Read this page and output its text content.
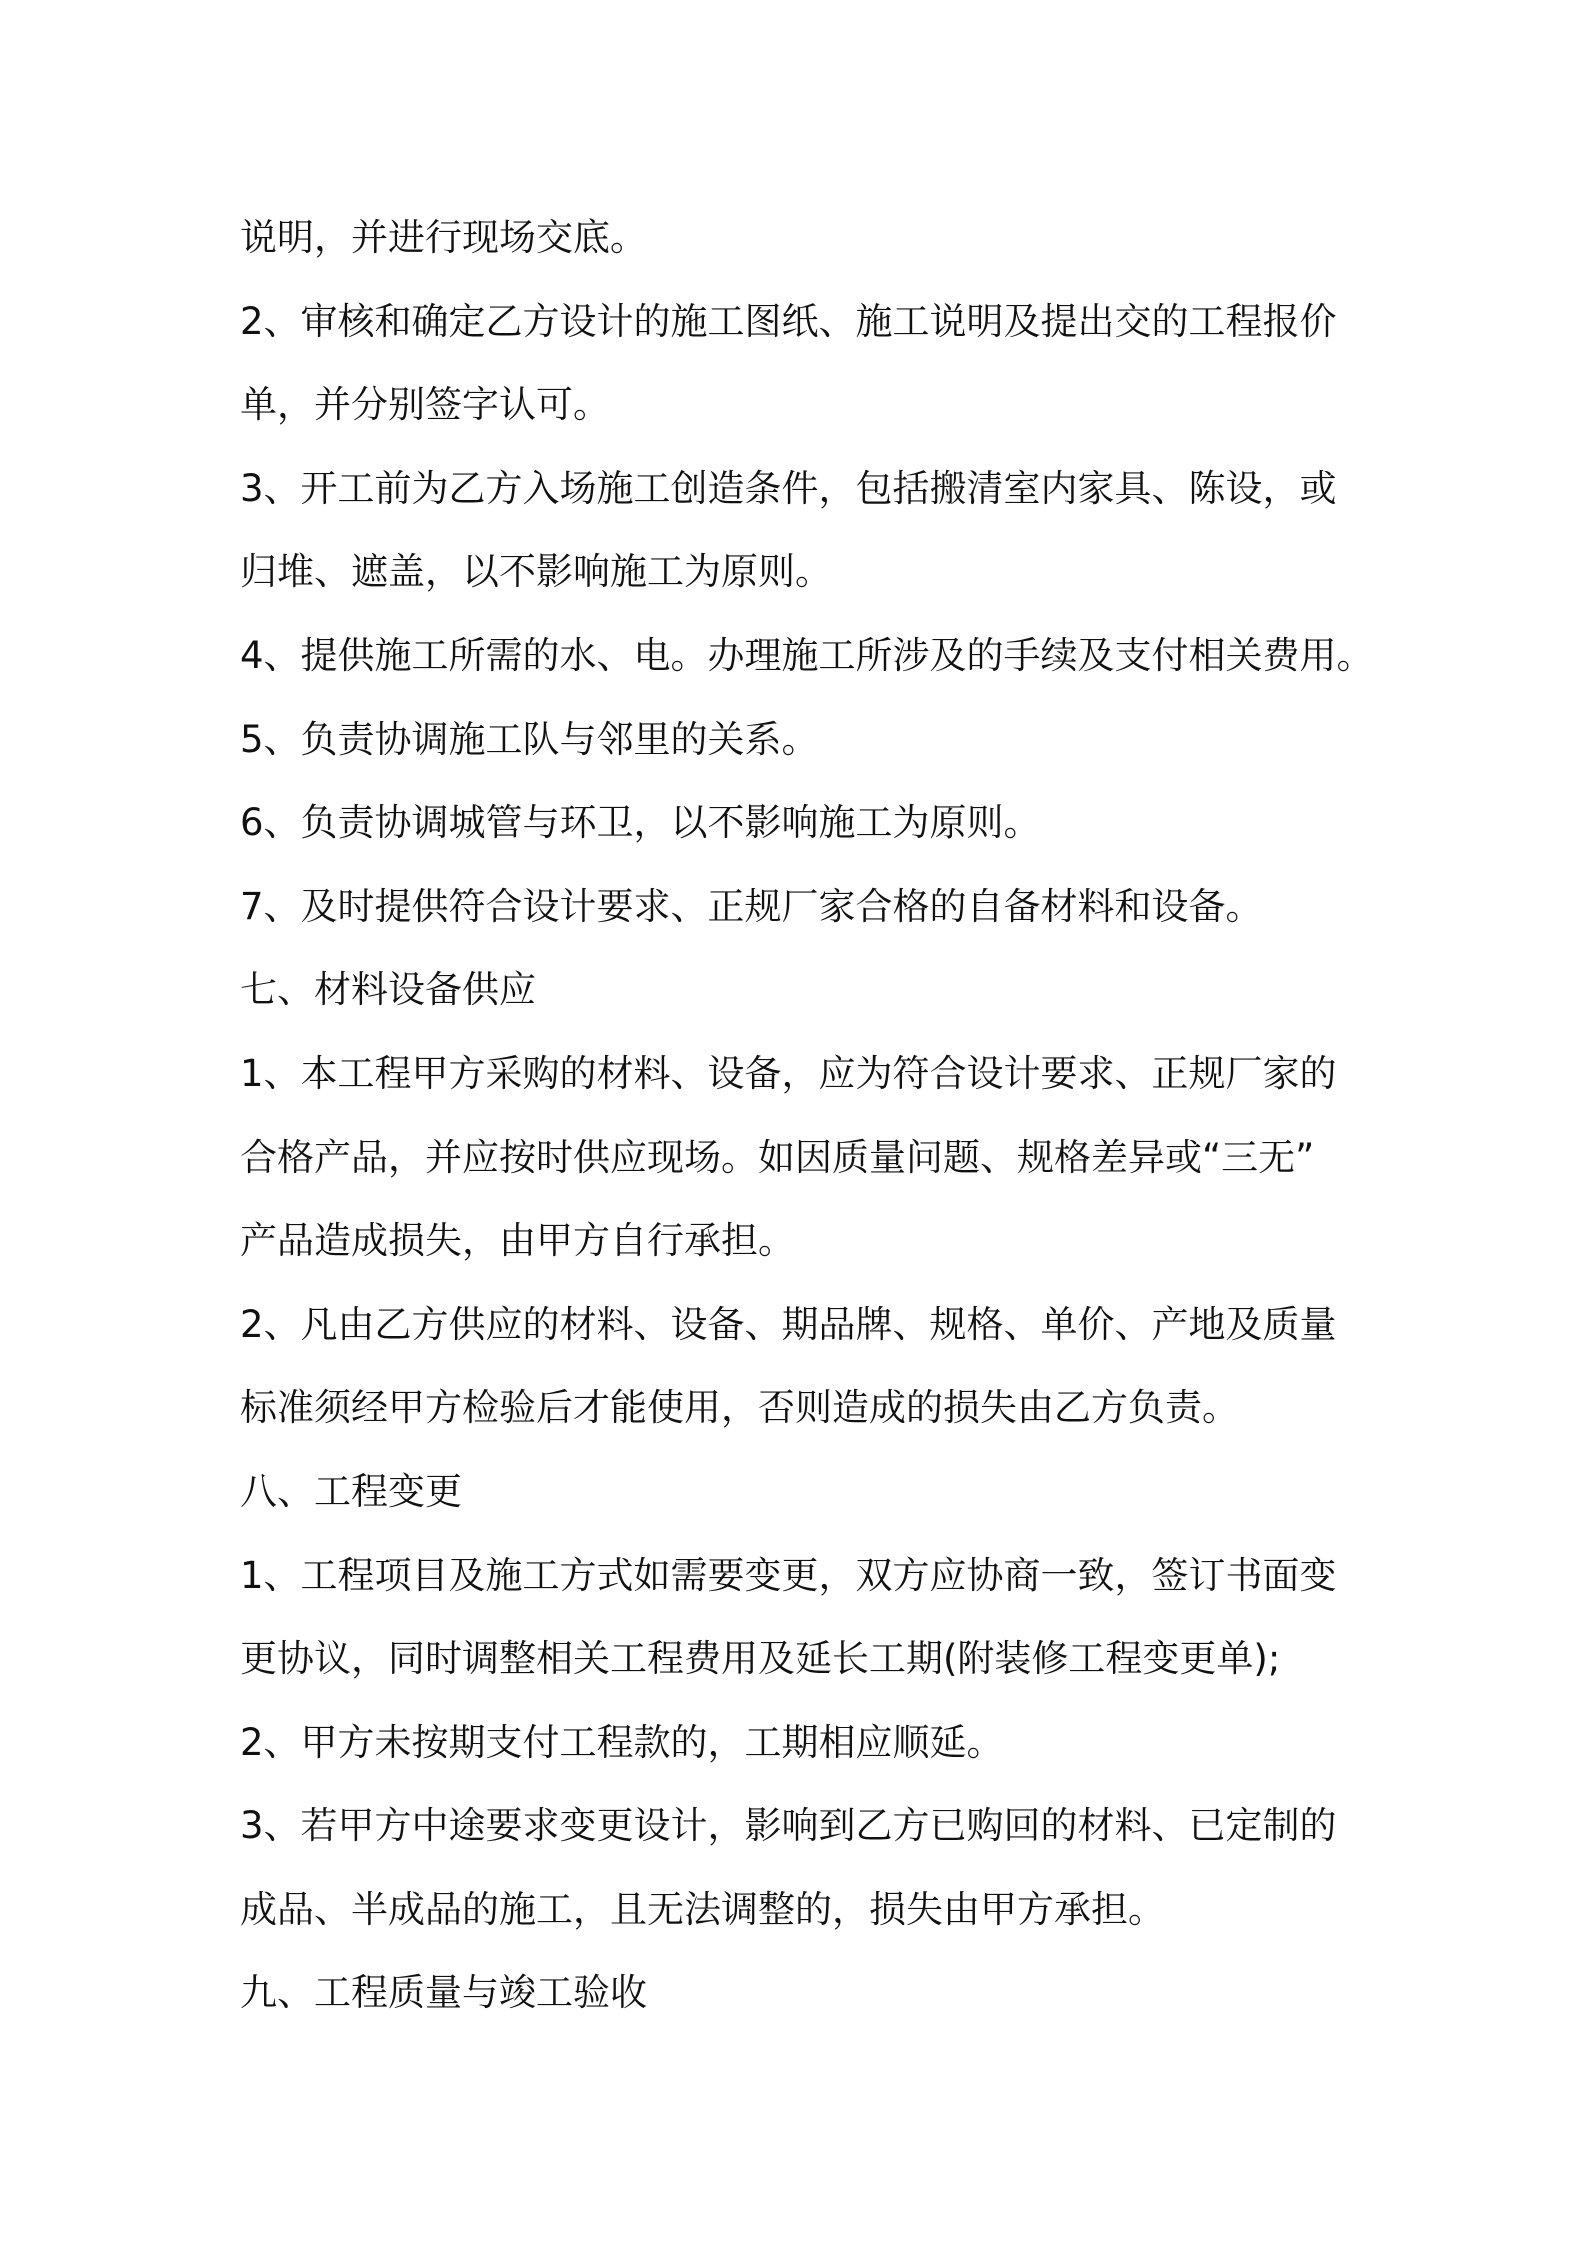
说明，并进行现场交底。
2、审核和确定乙方设计的施工图纸、施工说明及提出交的工程报价
单，并分别签字认可。
3、开工前为乙方入场施工创造条件，包括搬清室内家具、陈设，或
归堆、遮盖，以不影响施工为原则。
4、提供施工所需的水、电。办理施工所涉及的手续及支付相关费用。
5、负责协调施工队与邻里的关系。
6、负责协调城管与环卫，以不影响施工为原则。
7、及时提供符合设计要求、正规厂家合格的自备材料和设备。
七、材料设备供应
1、本工程甲方采购的材料、设备，应为符合设计要求、正规厂家的
合格产品，并应按时供应现场。如因质量问题、规格差异或“三无”
产品造成损失，由甲方自行承担。
2、凡由乙方供应的材料、设备、期品牌、规格、单价、产地及质量
标准须经甲方检验后才能使用，否则造成的损失由乙方负责。
八、工程变更
1、工程项目及施工方式如需要变更，双方应协商一致，签订书面变
更协议，同时调整相关工程费用及延长工期(附装修工程变更单);
2、甲方未按期支付工程款的，工期相应顺延。
3、若甲方中途要求变更设计，影响到乙方已购回的材料、已定制的
成品、半成品的施工，且无法调整的，损失由甲方承担。
九、工程质量与竣工验收
